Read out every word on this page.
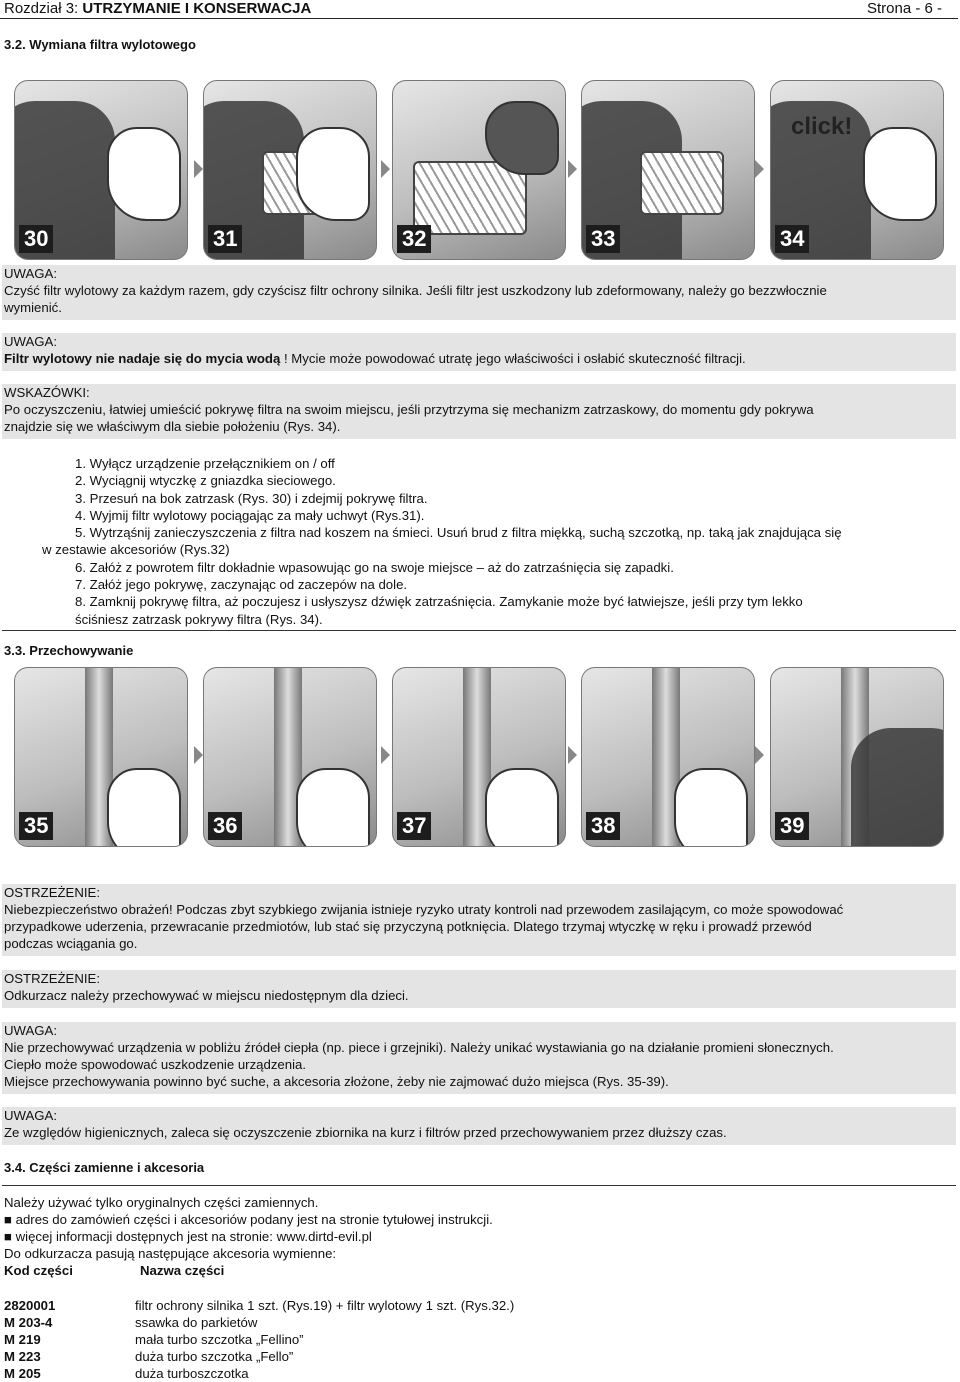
Rozdział 3: UTRZYMANIE I KONSERWACJA	Strona - 6 -
3.2. Wymiana filtra wylotowego
30	31	32	33
click!
34
UWAGA:
Czyść filtr wylotowy za każdym razem, gdy czyścisz filtr ochrony silnika. Jeśli filtr jest uszkodzony lub zdeformowany, należy go bezzwłocznie
wymienić.
UWAGA:
Filtr wylotowy nie nadaje się do mycia wodą ! Mycie może powodować utratę jego właściwości i osłabić skuteczność filtracji.
WSKAZÓWKI:
Po oczyszczeniu, łatwiej umieścić pokrywę filtra na swoim miejscu, jeśli przytrzyma się mechanizm zatrzaskowy, do momentu gdy pokrywa
znajdzie się we właściwym dla siebie położeniu (Rys. 34).
1. Wyłącz urządzenie przełącznikiem on / off
2. Wyciągnij wtyczkę z gniazdka sieciowego.
3. Przesuń na bok zatrzask (Rys. 30) i zdejmij pokrywę filtra.
4. Wyjmij filtr wylotowy pociągając za mały uchwyt (Rys.31).
5. Wytrząśnij zanieczyszczenia z filtra nad koszem na śmieci. Usuń brud z filtra miękką, suchą szczotką, np. taką jak znajdująca się
w zestawie akcesoriów (Rys.32)
6. Załóż z powrotem filtr dokładnie wpasowując go na swoje miejsce – aż do zatrzaśnięcia się zapadki.
7. Załóż jego pokrywę, zaczynając od zaczepów na dole.
8. Zamknij pokrywę filtra, aż poczujesz i usłyszysz dźwięk zatrzaśnięcia. Zamykanie może być łatwiejsze, jeśli przy tym lekko
ściśniesz zatrzask pokrywy filtra (Rys. 34).
3.3. Przechowywanie
35	36	37	38	39
OSTRZEŻENIE:
Niebezpieczeństwo obrażeń! Podczas zbyt szybkiego zwijania istnieje ryzyko utraty kontroli nad przewodem zasilającym, co może spowodować
przypadkowe uderzenia, przewracanie przedmiotów, lub stać się przyczyną potknięcia. Dlatego trzymaj wtyczkę w ręku i prowadź przewód
podczas wciągania go.
OSTRZEŻENIE:
Odkurzacz należy przechowywać w miejscu niedostępnym dla dzieci.
UWAGA:
Nie przechowywać urządzenia w pobliżu źródeł ciepła (np. piece i grzejniki). Należy unikać wystawiania go na działanie promieni słonecznych.
Ciepło może spowodować uszkodzenie urządzenia.
Miejsce przechowywania powinno być suche, a akcesoria złożone, żeby nie zajmować dużo miejsca (Rys. 35-39).
UWAGA:
Ze względów higienicznych, zaleca się oczyszczenie zbiornika na kurz i filtrów przed przechowywaniem przez dłuższy czas.
3.4. Części zamienne i akcesoria
Należy używać tylko oryginalnych części zamiennych.
■ adres do zamówień części i akcesoriów podany jest na stronie tytułowej instrukcji.
■ więcej informacji dostępnych jest na stronie: www.dirtd-evil.pl
Do odkurzacza pasują następujące akcesoria wymienne:
Kod części	Nazwa części
2820001	filtr ochrony silnika 1 szt. (Rys.19) + filtr wylotowy 1 szt. (Rys.32.)
M 203-4	ssawka do parkietów
M 219	mała turbo szczotka „Fellino”
M 223	duża turbo szczotka „Fello”
M 205	duża turboszczotka
